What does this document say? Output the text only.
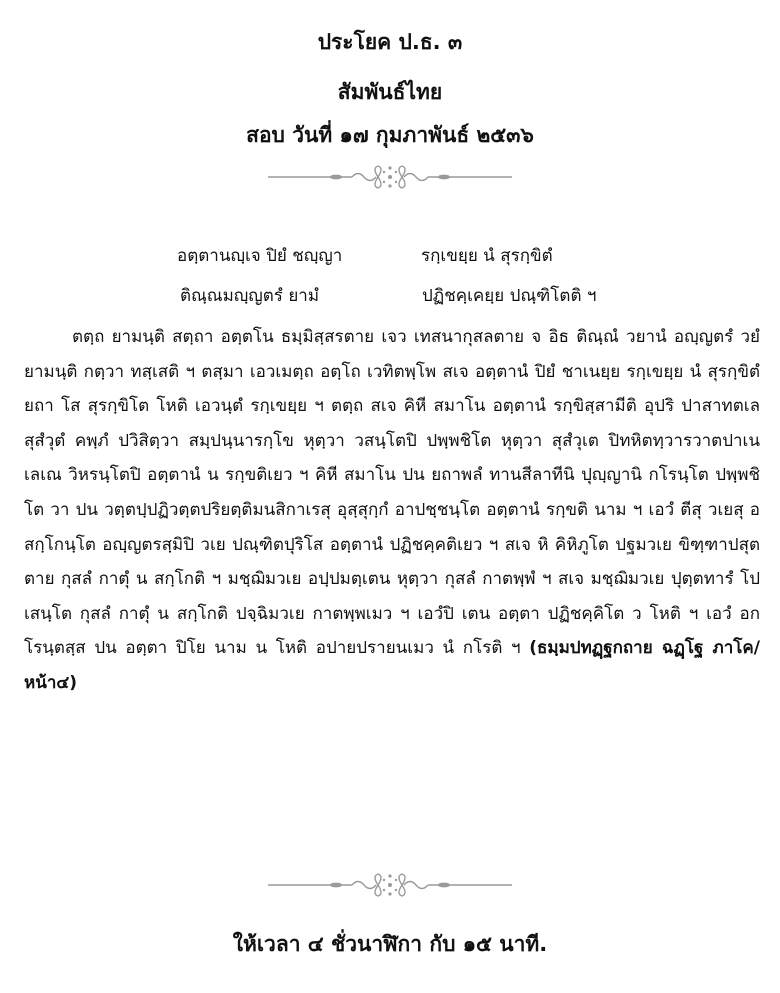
ประโยค ป.ธ. ๓
สัมพันธ์ไทย
สอบ วันที่ ๑๗ กุมภาพันธ์ ๒๕๓๖
อตฺตานญฺเจ ปิยํ ชญฺญา	รกฺเขยฺย นํ สุรกฺขิตํ
ติณฺณมญฺญตรํ ยามํ	ปฏิชคฺเคยฺย ปณฺฑิโตติ ฯ

ตตฺถ ยามนฺติ สตฺถา อตฺตโน ธมฺมิสฺสรตาย เจว เทสนากุสลตาย จ อิธ ติณฺณํ วยานํ อญฺญตรํ วยํ ยามนฺติ กตฺวา ทสฺเสติ ฯ ตสฺมา เอวเมตฺถ อตฺโถ เวทิตพฺโพ สเจ อตฺตานํ ปิยํ ชาเนยฺย รกฺเขยฺย นํ สุรกฺขิตํ ยถา โส สุรกฺขิโต โหติ เอวนฺตํ รกฺเขยฺย ฯ ตตฺถ สเจ คิหี สมาโน อตฺตานํ รกฺขิสฺสามีติ อุปริ ปาสาทตเล สุสํวุตํ คพฺภํ ปวิสิตฺวา สมฺปนฺนารกฺโข หุตฺวา วสนฺโตปิ ปพฺพชิโต หุตฺวา สุสํวุเต ปิทหิตทฺวารวาตปาเน เลเณ วิหรนฺโตปิ อตฺตานํ น รกฺขติเยว ฯ คิหี สมาโน ปน ยถาพลํ ทานสีลาทีนิ ปุญฺญานิ กโรนฺโต ปพฺพชิโต วา ปน วตฺตปฺปฏิวตฺตปริยตฺติมนสิกาเรสุ อุสฺสุกฺกํ อาปชฺชนฺโต อตฺตานํ รกฺขติ นาม ฯ เอวํ ตีสุ วเยสุ อสกฺโกนฺโต อญฺญตรสฺมิปิ วเย ปณฺฑิตปุริโส อตฺตานํ ปฏิชคฺคติเยว ฯ สเจ หิ คิหิภูโต ปฐมวเย ขิฑฺฑาปสุตตาย กุสลํ กาตุํ น สกฺโกติ ฯ มชฺฌิมวเย อปฺปมตฺเตน หุตฺวา กุสลํ กาตพฺพํ ฯ สเจ มชฺฌิมวเย ปุตฺตทารํ โปเสนฺโต กุสลํ กาตุํ น สกฺโกติ ปจฺฉิมวเย กาตพฺพเมว ฯ เอวํปิ เตน อตฺตา ปฏิชคฺคิโต ว โหติ ฯ เอวํ อกโรนฺตสฺส ปน อตฺตา ปิโย นาม น โหติ อปายปรายนเมว นํ กโรติ ฯ (ธมฺมปทฏฺฐกถาย ฉฏฺโฐ ภาโค/หน้า๔)

ให้เวลา ๔ ชั่วนาฬิกา กับ ๑๕ นาที.
